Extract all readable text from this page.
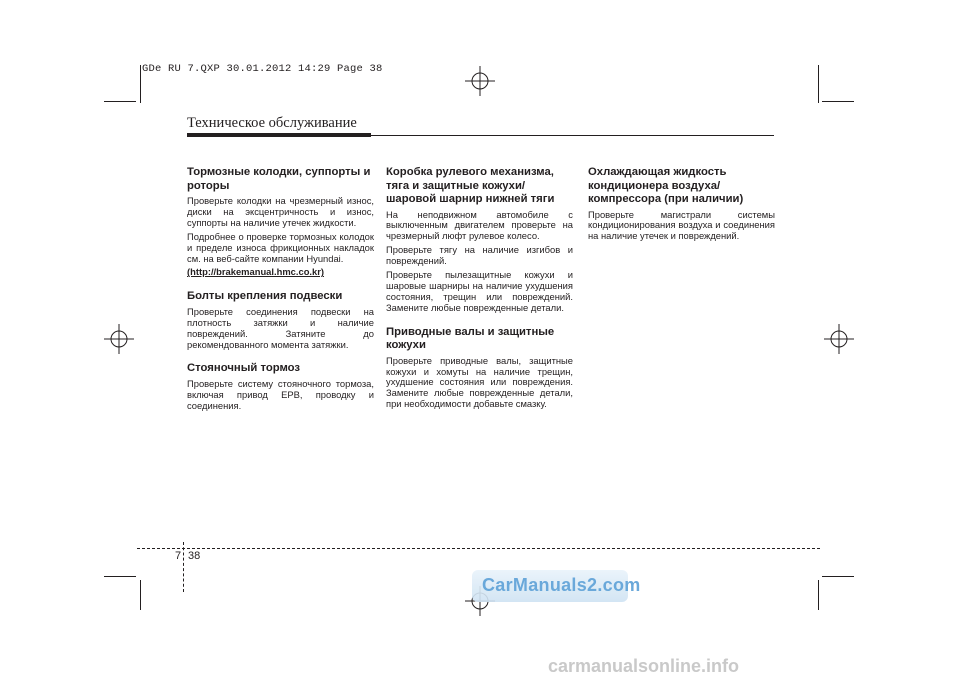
GDe RU 7.QXP 30.01.2012 14:29 Page 38
Техническое обслуживание
Тормозные колодки, суппорты и роторы

Проверьте колодки на чрезмерный износ, диски на эксцентричность и износ, суппорты на наличие утечек жидкости.

Подробнее о проверке тормозных колодок и пределе износа фрикционных накладок см. на веб-сайте компании Hyundai.

(http://brakemanual.hmc.co.kr)

Болты крепления подвески

Проверьте соединения подвески на плотность затяжки и наличие повреждений. Затяните до рекомендованного момента затяжки.

Стояночный тормоз

Проверьте систему стояночного тормоза, включая привод EPB, проводку и соединения.

Коробка рулевого механизма, тяга и защитные кожухи/ шаровой шарнир нижней тяги

На неподвижном автомобиле с выключенным двигателем проверьте на чрезмерный люфт рулевое колесо.

Проверьте тягу на наличие изгибов и повреждений.

Проверьте пылезащитные кожухи и шаровые шарниры на наличие ухудшения состояния, трещин или повреждений. Замените любые поврежденные детали.

Приводные валы и защитные кожухи

Проверьте приводные валы, защитные кожухи и хомуты на наличие трещин, ухудшение состояния или повреждения. Замените любые поврежденные детали, при необходимости добавьте смазку.

Охлаждающая жидкость кондиционера воздуха/ компрессора (при наличии)

Проверьте магистрали системы кондиционирования воздуха и соединения на наличие утечек и повреждений.

7 38
CarManuals2.com
carmanualsonline.info
